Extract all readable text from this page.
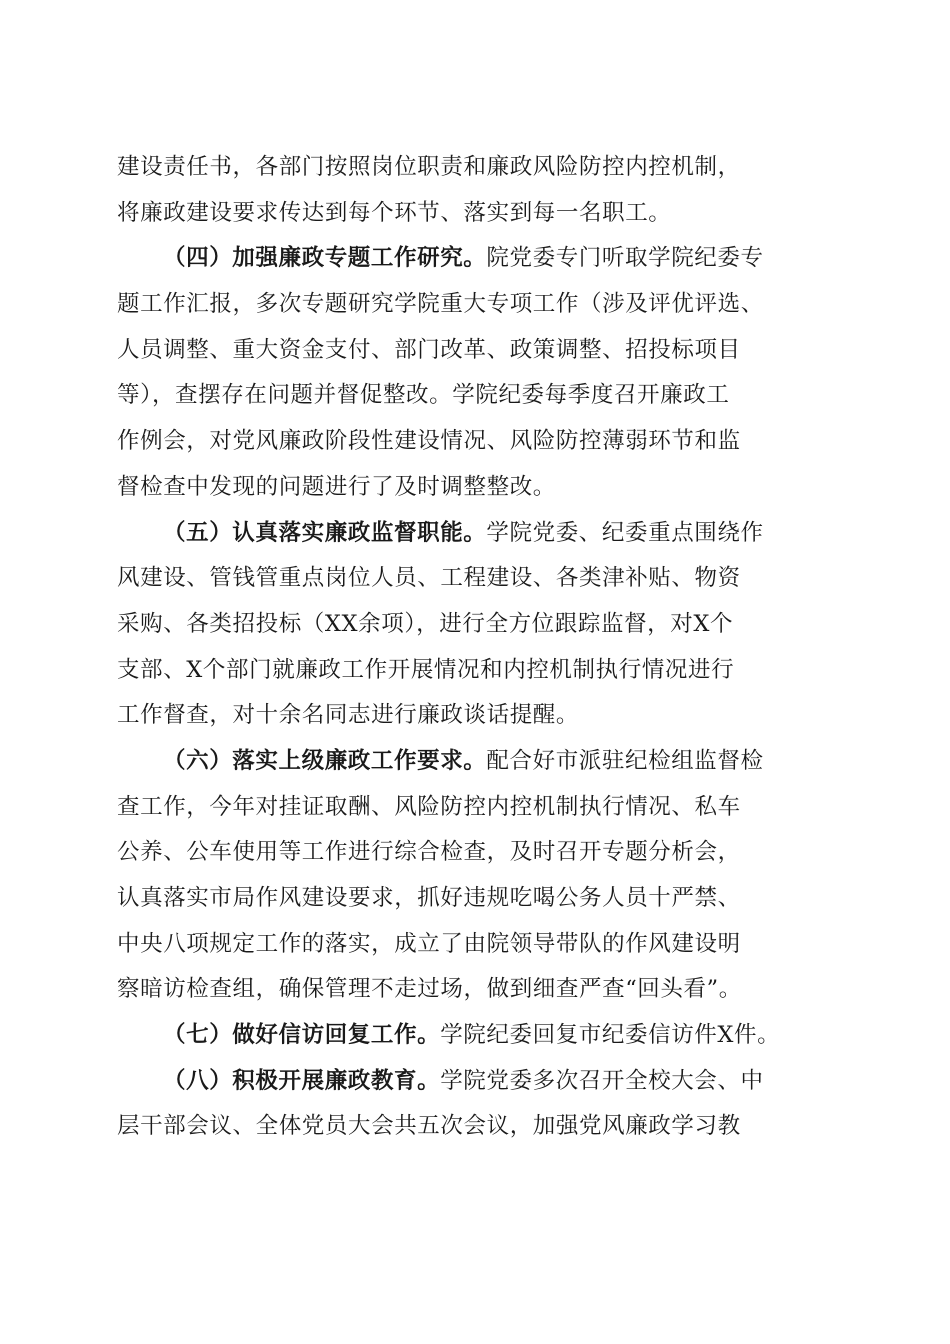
建设责任书，各部门按照岗位职责和廉政风险防控内控机制，
将廉政建设要求传达到每个环节、落实到每一名职工。
（四）加强廉政专题工作研究。院党委专门听取学院纪委专
题工作汇报，多次专题研究学院重大专项工作（涉及评优评选、
人员调整、重大资金支付、部门改革、政策调整、招投标项目
等），查摆存在问题并督促整改。学院纪委每季度召开廉政工
作例会，对党风廉政阶段性建设情况、风险防控薄弱环节和监
督检查中发现的问题进行了及时调整整改。
（五）认真落实廉政监督职能。学院党委、纪委重点围绕作
风建设、管钱管重点岗位人员、工程建设、各类津补贴、物资
采购、各类招投标（XX余项），进行全方位跟踪监督，对X个
支部、X个部门就廉政工作开展情况和内控机制执行情况进行
工作督查，对十余名同志进行廉政谈话提醒。
（六）落实上级廉政工作要求。配合好市派驻纪检组监督检
查工作，今年对挂证取酬、风险防控内控机制执行情况、私车
公养、公车使用等工作进行综合检查，及时召开专题分析会，
认真落实市局作风建设要求，抓好违规吃喝公务人员十严禁、
中央八项规定工作的落实，成立了由院领导带队的作风建设明
察暗访检查组，确保管理不走过场，做到细查严查“回头看”。
（七）做好信访回复工作。学院纪委回复市纪委信访件X件。
（八）积极开展廉政教育。学院党委多次召开全校大会、中
层干部会议、全体党员大会共五次会议，加强党风廉政学习教
